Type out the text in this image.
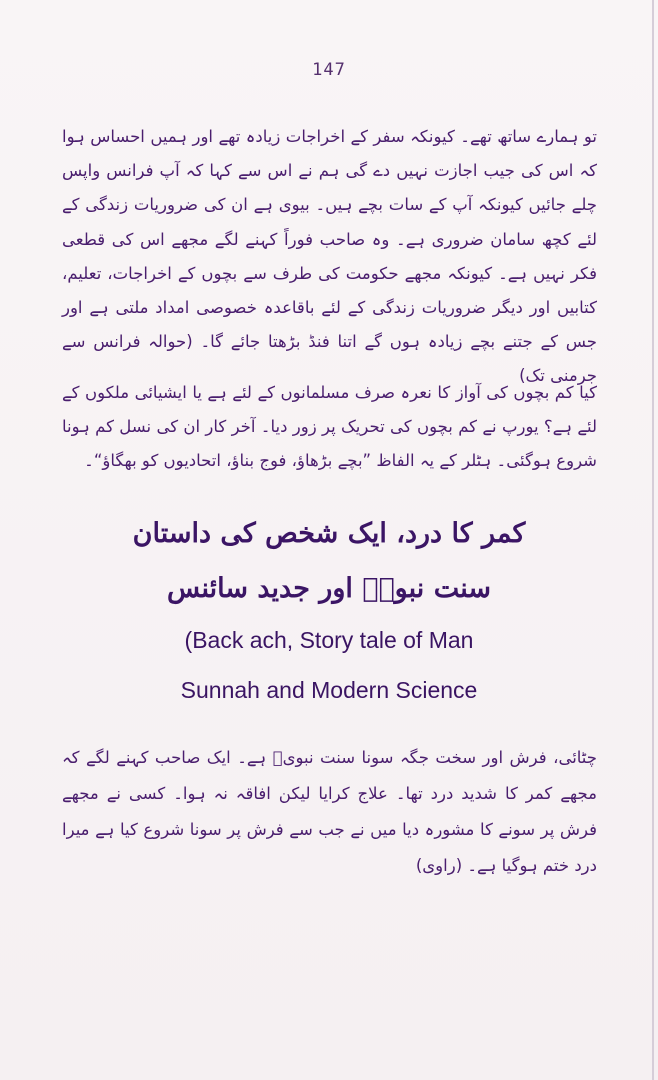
147
تو ہمارے ساتھ تھے۔ کیونکہ سفر کے اخراجات زیادہ تھے اور ہمیں احساس ہوا کہ اس کی جیب اجازت نہیں دے گی ہم نے اس سے کہا کہ آپ فرانس واپس چلے جائیں کیونکہ آپ کے سات بچے ہیں۔ بیوی ہے ان کی ضروریات زندگی کے لئے کچھ سامان ضروری ہے۔ وہ صاحب فوراً کہنے لگے مجھے اس کی قطعی فکر نہیں ہے۔ کیونکہ مجھے حکومت کی طرف سے بچوں کے اخراجات، تعلیم، کتابیں اور دیگر ضروریات زندگی کے لئے باقاعدہ خصوصی امداد ملتی ہے اور جس کے جتنے بچے زیادہ ہوں گے اتنا فنڈ بڑھتا جائے گا۔ (حوالہ فرانس سے جرمنی تک)
کیا کم بچوں کی آواز کا نعرہ صرف مسلمانوں کے لئے ہے یا ایشیائی ملکوں کے لئے ہے؟ یورپ نے کم بچوں کی تحریک پر زور دیا۔ آخر کار ان کی نسل کم ہونا شروع ہوگئی۔ ہٹلر کے یہ الفاظ ”بچے بڑھاؤ، فوج بناؤ، اتحادیوں کو بھگاؤ“۔
کمر کا درد، ایک شخص کی داستان
سنت نبویؐ اور جدید سائنس
(Back ach, Story tale of Man
Sunnah and Modern Science
چٹائی، فرش اور سخت جگہ سونا سنت نبویؐ ہے۔ ایک صاحب کہنے لگے کہ مجھے کمر کا شدید درد تھا۔ علاج کرایا لیکن افاقہ نہ ہوا۔ کسی نے مجھے فرش پر سونے کا مشورہ دیا میں نے جب سے فرش پر سونا شروع کیا ہے میرا درد ختم ہوگیا ہے۔ (راوی)
